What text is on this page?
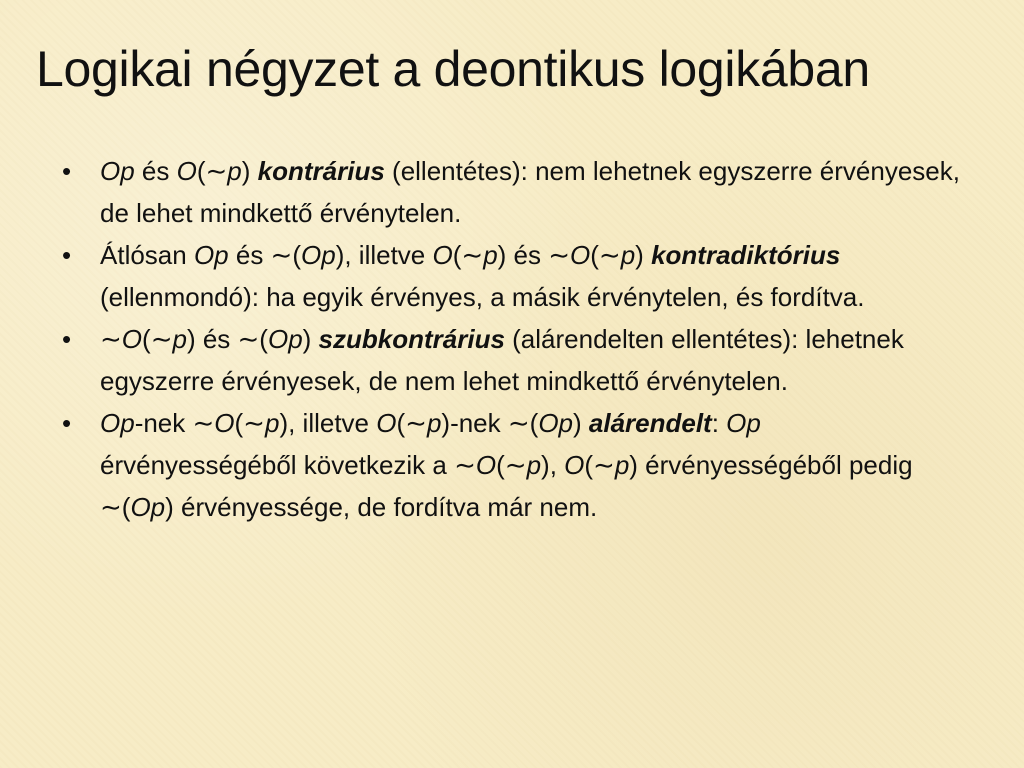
Logikai négyzet a deontikus logikában
•	Op és O(∼p) kontrárius (ellentétes): nem lehetnek egyszerre érvényesek, de lehet mindkettő érvénytelen.
•	Átlósan Op és ∼(Op), illetve O(∼p) és ∼O(∼p) kontradiktórius (ellenmondó): ha egyik érvényes, a másik érvénytelen, és fordítva.
•	∼O(∼p) és ∼(Op) szubkontrárius (alárendelten ellentétes): lehetnek egyszerre érvényesek, de nem lehet mindkettő érvénytelen.
•	Op-nek ∼O(∼p), illetve O(∼p)-nek ∼(Op) alárendelt: Op érvényességéből következik a ∼O(∼p), O(∼p) érvényességéből pedig ∼(Op) érvényessége, de fordítva már nem.
